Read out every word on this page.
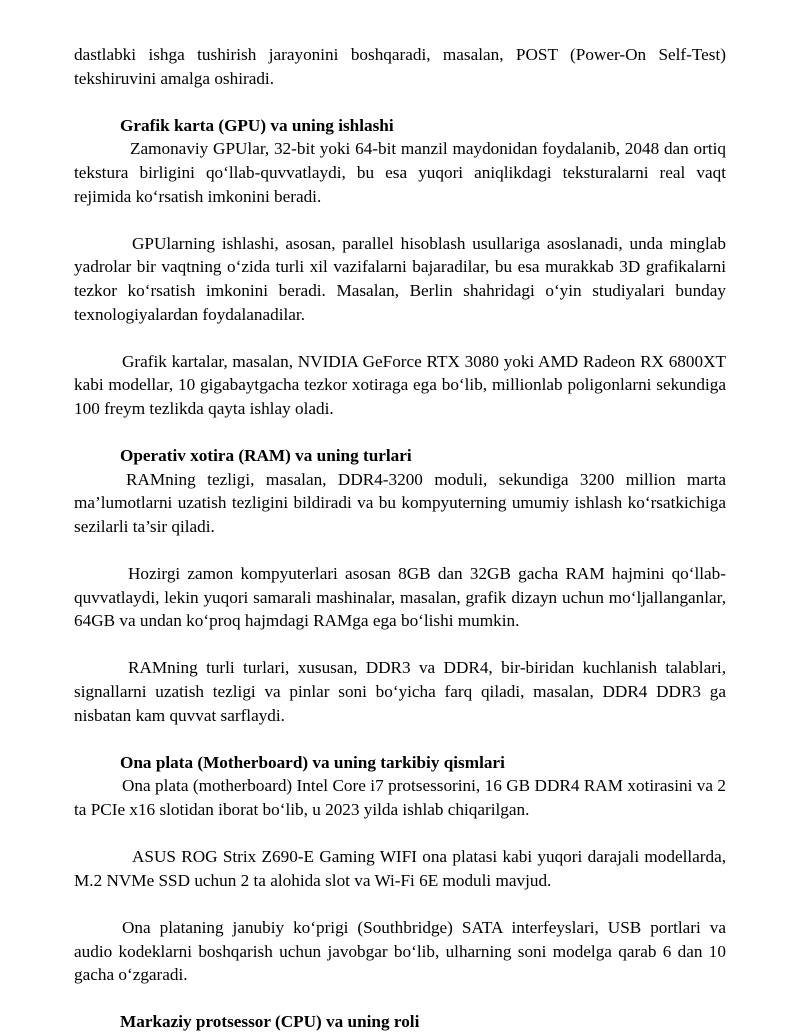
dastlabki ishga tushirish jarayonini boshqaradi, masalan, POST (Power-On Self-Test) tekshiruvini amalga oshiradi.

Grafik karta (GPU) va uning ishlashi

Zamonaviy GPUlar, 32-bit yoki 64-bit manzil maydonidan foydalanib, 2048 dan ortiq tekstura birligini qo‘llab-quvvatlaydi, bu esa yuqori aniqlikdagi teksturalarni real vaqt rejimida ko‘rsatish imkonini beradi.

GPUlarning ishlashi, asosan, parallel hisoblash usullariga asoslanadi, unda minglab yadrolar bir vaqtning o‘zida turli xil vazifalarni bajaradilar, bu esa murakkab 3D grafikalarni tezkor ko‘rsatish imkonini beradi. Masalan, Berlin shahridagi o‘yin studiyalari bunday texnologiyalardan foydalanadilar.

Grafik kartalar, masalan, NVIDIA GeForce RTX 3080 yoki AMD Radeon RX 6800XT kabi modellar, 10 gigabaytgacha tezkor xotiraga ega bo‘lib, millionlab poligonlarni sekundiga 100 freym tezlikda qayta ishlay oladi.

Operativ xotira (RAM) va uning turlari

RAMning tezligi, masalan, DDR4-3200 moduli, sekundiga 3200 million marta ma’lumotlarni uzatish tezligini bildiradi va bu kompyuterning umumiy ishlash ko‘rsatkichiga sezilarli ta’sir qiladi.

Hozirgi zamon kompyuterlari asosan 8GB dan 32GB gacha RAM hajmini qo‘llab-quvvatlaydi, lekin yuqori samarali mashinalar, masalan, grafik dizayn uchun mo‘ljallanganlar, 64GB va undan ko‘proq hajmdagi RAMga ega bo‘lishi mumkin.

RAMning turli turlari, xususan, DDR3 va DDR4, bir-biridan kuchlanish talablari, signallarni uzatish tezligi va pinlar soni bo‘yicha farq qiladi, masalan, DDR4 DDR3 ga nisbatan kam quvvat sarflaydi.

Ona plata (Motherboard) va uning tarkibiy qismlari

Ona plata (motherboard) Intel Core i7 protsessorini, 16 GB DDR4 RAM xotirasini va 2 ta PCIe x16 slotidan iborat bo‘lib, u 2023 yilda ishlab chiqarilgan.

ASUS ROG Strix Z690-E Gaming WIFI ona platasi kabi yuqori darajali modellarda, M.2 NVMe SSD uchun 2 ta alohida slot va Wi-Fi 6E moduli mavjud.

Ona plataning janubiy ko‘prigi (Southbridge) SATA interfeyslari, USB portlari va audio kodeklarni boshqarish uchun javobgar bo‘lib, ulharning soni modelga qarab 6 dan 10 gacha o‘zgaradi.

Markaziy protsessor (CPU) va uning roli
